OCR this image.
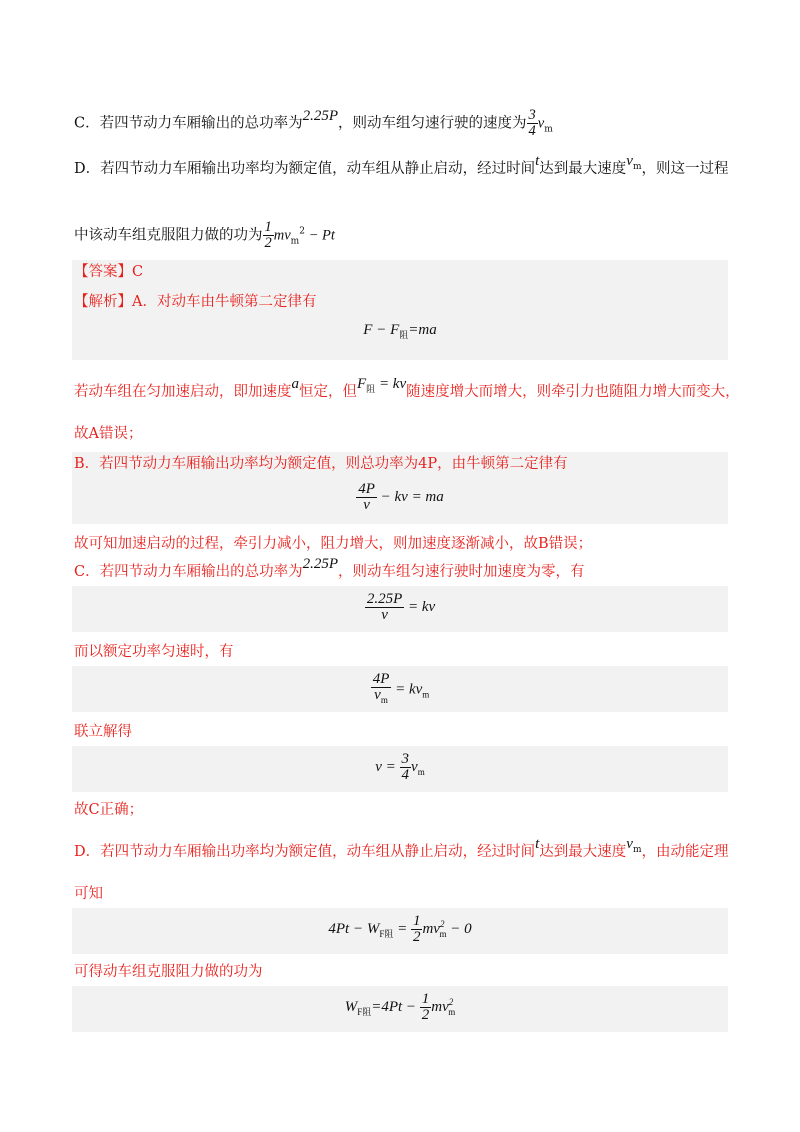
C．若四节动力车厢输出的总功率为2.25P，则动车组匀速行驶的速度为 $\frac{3}{4} v_m$
D．若四节动力车厢输出功率均为额定值，动车组从静止启动，经过时间t达到最大速度$v_m$，则这一过程
中该动车组克服阻力做的功为 $\frac{1}{2} mv_m^2 - Pt$
【答案】C
【解析】A．对动车由牛顿第二定律有
$F - F_阻=ma$
若动车组在匀加速启动，即加速度a恒定，但$F_阻$ = kv随速度增大而增大，则牵引力也随阻力增大而变大，
故A错误；
B．若四节动力车厢输出功率均为额定值，则总功率为4P，由牛顿第二定律有
$\frac{4P}{v}$ − kv = ma
故可知加速启动的过程，牵引力减小，阻力增大，则加速度逐渐减小，故B错误；
C．若四节动力车厢输出的总功率为2.25P，则动车组匀速行驶时加速度为零，有
$\frac{2.25P}{v}$ = kv
而以额定功率匀速时，有
$\frac{4P}{v_m} = kv_m$
联立解得
$v = \frac{3}{4} v_m$
故C正确；
D．若四节动力车厢输出功率均为额定值，动车组从静止启动，经过时间t达到最大速度$v_m$，由动能定理
可知
$4Pt - W_{F阻} = \frac{1}{2} mv^2_m - 0$
可得动车组克服阻力做的功为
$W_{F阻}=4Pt - \frac{1}{2} mv^2_m$
